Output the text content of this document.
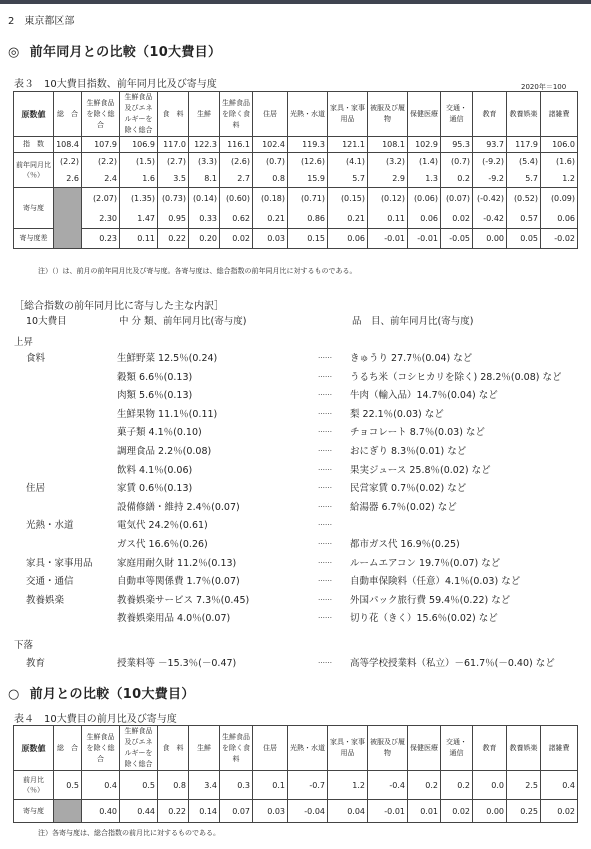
2　東京都区部
◎ 前年同月との比較（10大費目）
表３　10大費目指数、前年同月比及び寄与度	2020年＝100
原数値	総　合	生鮮食品を除く総合	生鮮食品及びエネルギーを除く総合	食　料	生鮮	生鮮食品を除く食料	住居	光熱・水道	家具・家事用品	被服及び履物	保健医療	交通・通信	教育	教養娯楽	諸雑費
指　数	108.4	107.9	106.9	117.0	122.3	116.1	102.4	119.3	121.1	108.1	102.9	95.3	93.7	117.9	106.0
前年同月比（％）	(2.2)	(2.2)	(1.5)	(2.7)	(3.3)	(2.6)	(0.7)	(12.6)	(4.1)	(3.2)	(1.4)	(0.7)	(-9.2)	(5.4)	(1.6)
	2.6	2.4	1.6	3.5	8.1	2.7	0.8	15.9	5.7	2.9	1.3	0.2	-9.2	5.7	1.2
寄与度		(2.07)	(1.35)	(0.73)	(0.14)	(0.60)	(0.18)	(0.71)	(0.15)	(0.12)	(0.06)	(0.07)	(-0.42)	(0.52)	(0.09)
		2.30	1.47	0.95	0.33	0.62	0.21	0.86	0.21	0.11	0.06	0.02	-0.42	0.57	0.06
寄与度差		0.23	0.11	0.22	0.20	0.02	0.03	0.15	0.06	-0.01	-0.01	-0.05	0.00	0.05	-0.02
注）（）は、前月の前年同月比及び寄与度。各寄与度は、総合指数の前年同月比に対するものである。
［総合指数の前年同月比に寄与した主な内訳］
10大費目	中 分 類、前年同月比(寄与度)	品　目、前年同月比(寄与度)
上昇
食料	生鮮野菜 12.5％(0.24)	‥‥‥ きゅうり 27.7％(0.04) など
穀類 6.6％(0.13)	‥‥‥ うるち米（コシヒカリを除く) 28.2％(0.08) など
肉類 5.6％(0.13)	‥‥‥ 牛肉（輸入品）14.7％(0.04) など
生鮮果物 11.1％(0.11)	‥‥‥ 梨 22.1％(0.03) など
菓子類 4.1％(0.10)	‥‥‥ チョコレート 8.7％(0.03) など
調理食品 2.2％(0.08)	‥‥‥ おにぎり 8.3％(0.01) など
飲料 4.1％(0.06)	‥‥‥ 果実ジュース 25.8％(0.02) など
住居	家賃 0.6％(0.13)	‥‥‥ 民営家賃 0.7％(0.02) など
設備修繕・維持 2.4％(0.07)	‥‥‥ 給湯器 6.7％(0.02) など
光熱・水道	電気代 24.2％(0.61)	‥‥‥
ガス代 16.6％(0.26)	‥‥‥ 都市ガス代 16.9％(0.25)
家具・家事用品	家庭用耐久財 11.2％(0.13)	‥‥‥ ルームエアコン 19.7％(0.07) など
交通・通信	自動車等関係費 1.7％(0.07)	‥‥‥ 自動車保険料（任意）4.1％(0.03) など
教養娯楽	教養娯楽サービス 7.3％(0.45)	‥‥‥ 外国パック旅行費 59.4％(0.22) など
教養娯楽用品 4.0％(0.07)	‥‥‥ 切り花（きく）15.6％(0.02) など
下落
教育	授業料等 －15.3％(－0.47)	‥‥‥ 高等学校授業料（私立）－61.7％(－0.40) など
○ 前月との比較（10大費目）
表４　10大費目の前月比及び寄与度
原数値	総　合	生鮮食品を除く総合	生鮮食品及びエネルギーを除く総合	食　料	生鮮	生鮮食品を除く食料	住居	光熱・水道	家具・家事用品	被服及び履物	保健医療	交通・通信	教育	教養娯楽	諸雑費
前月比（％）	0.5	0.4	0.5	0.8	3.4	0.3	0.1	-0.7	1.2	-0.4	0.2	0.2	0.0	2.5	0.4
寄与度		0.40	0.44	0.22	0.14	0.07	0.03	-0.04	0.04	-0.01	0.01	0.02	0.00	0.25	0.02
注）各寄与度は、総合指数の前月比に対するものである。
